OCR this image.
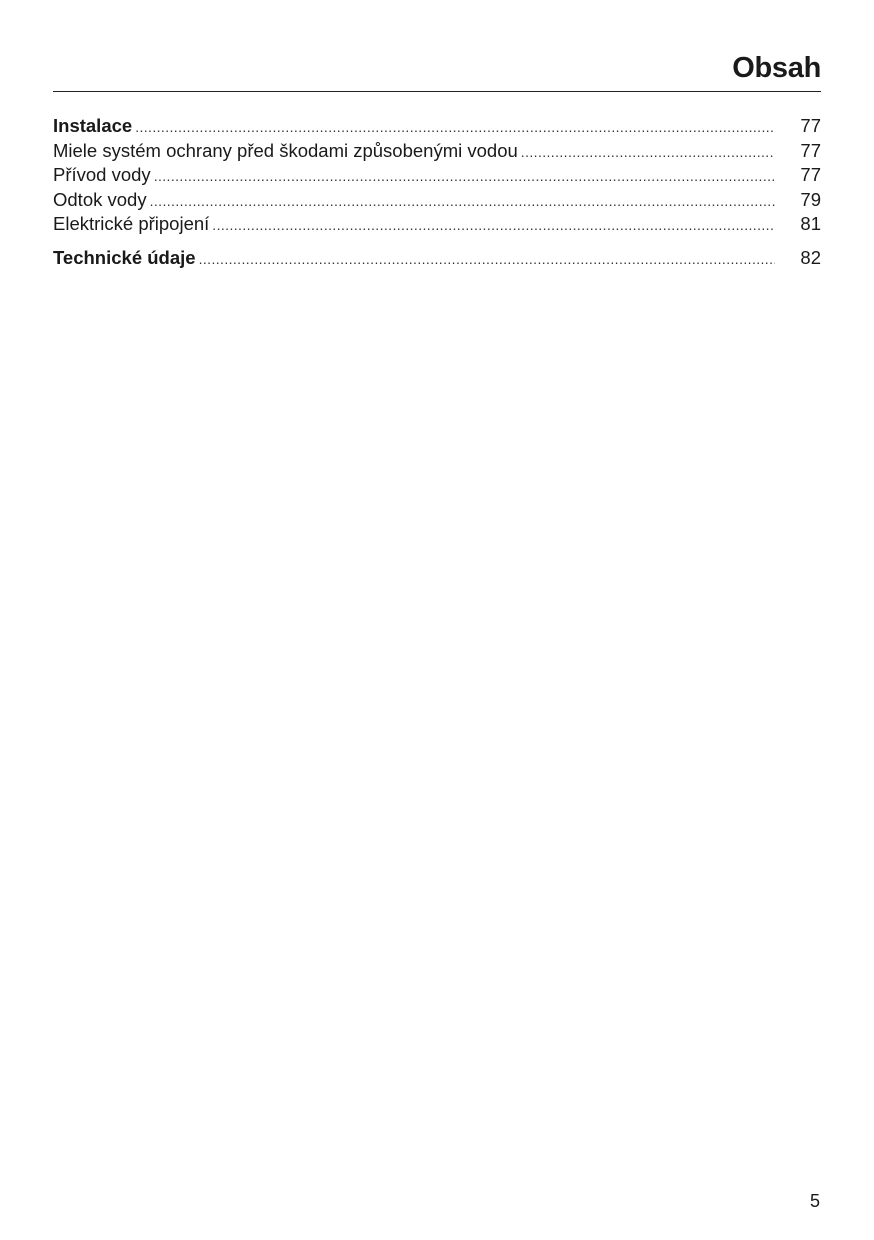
Obsah
Instalace .....	77
Miele systém ochrany před škodami způsobenými vodou .....	77
Přívod vody .....	77
Odtok vody .....	79
Elektrické připojení .....	81
Technické údaje .....	82
5
